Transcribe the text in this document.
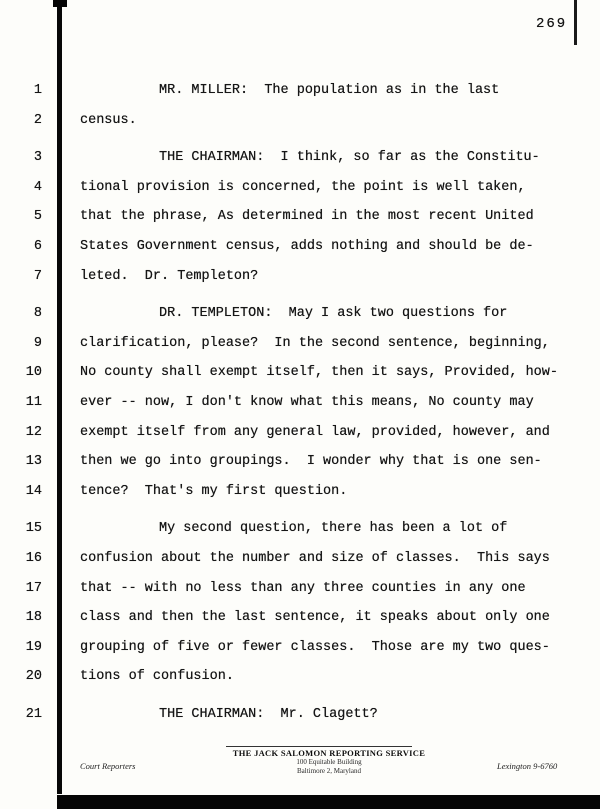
269
1	MR. MILLER:  The population as in the last
2	census.
3	THE CHAIRMAN:  I think, so far as the Constitu-
4	tional provision is concerned, the point is well taken,
5	that the phrase, As determined in the most recent United
6	States Government census, adds nothing and should be de-
7	leted.  Dr. Templeton?
8	DR. TEMPLETON:  May I ask two questions for
9	clarification, please?  In the second sentence, beginning,
10	No county shall exempt itself, then it says, Provided, how-
11	ever -- now, I don't know what this means, No county may
12	exempt itself from any general law, provided, however, and
13	then we go into groupings.  I wonder why that is one sen-
14	tence?  That's my first question.
15	My second question, there has been a lot of
16	confusion about the number and size of classes.  This says
17	that -- with no less than any three counties in any one
18	class and then the last sentence, it speaks about only one
19	grouping of five or fewer classes.  Those are my two ques-
20	tions of confusion.
21	THE CHAIRMAN:  Mr. Clagett?
Court Reporters
THE JACK SALOMON REPORTING SERVICE
100 Equitable Building
Baltimore 2, Maryland	Lexington 9-6760
